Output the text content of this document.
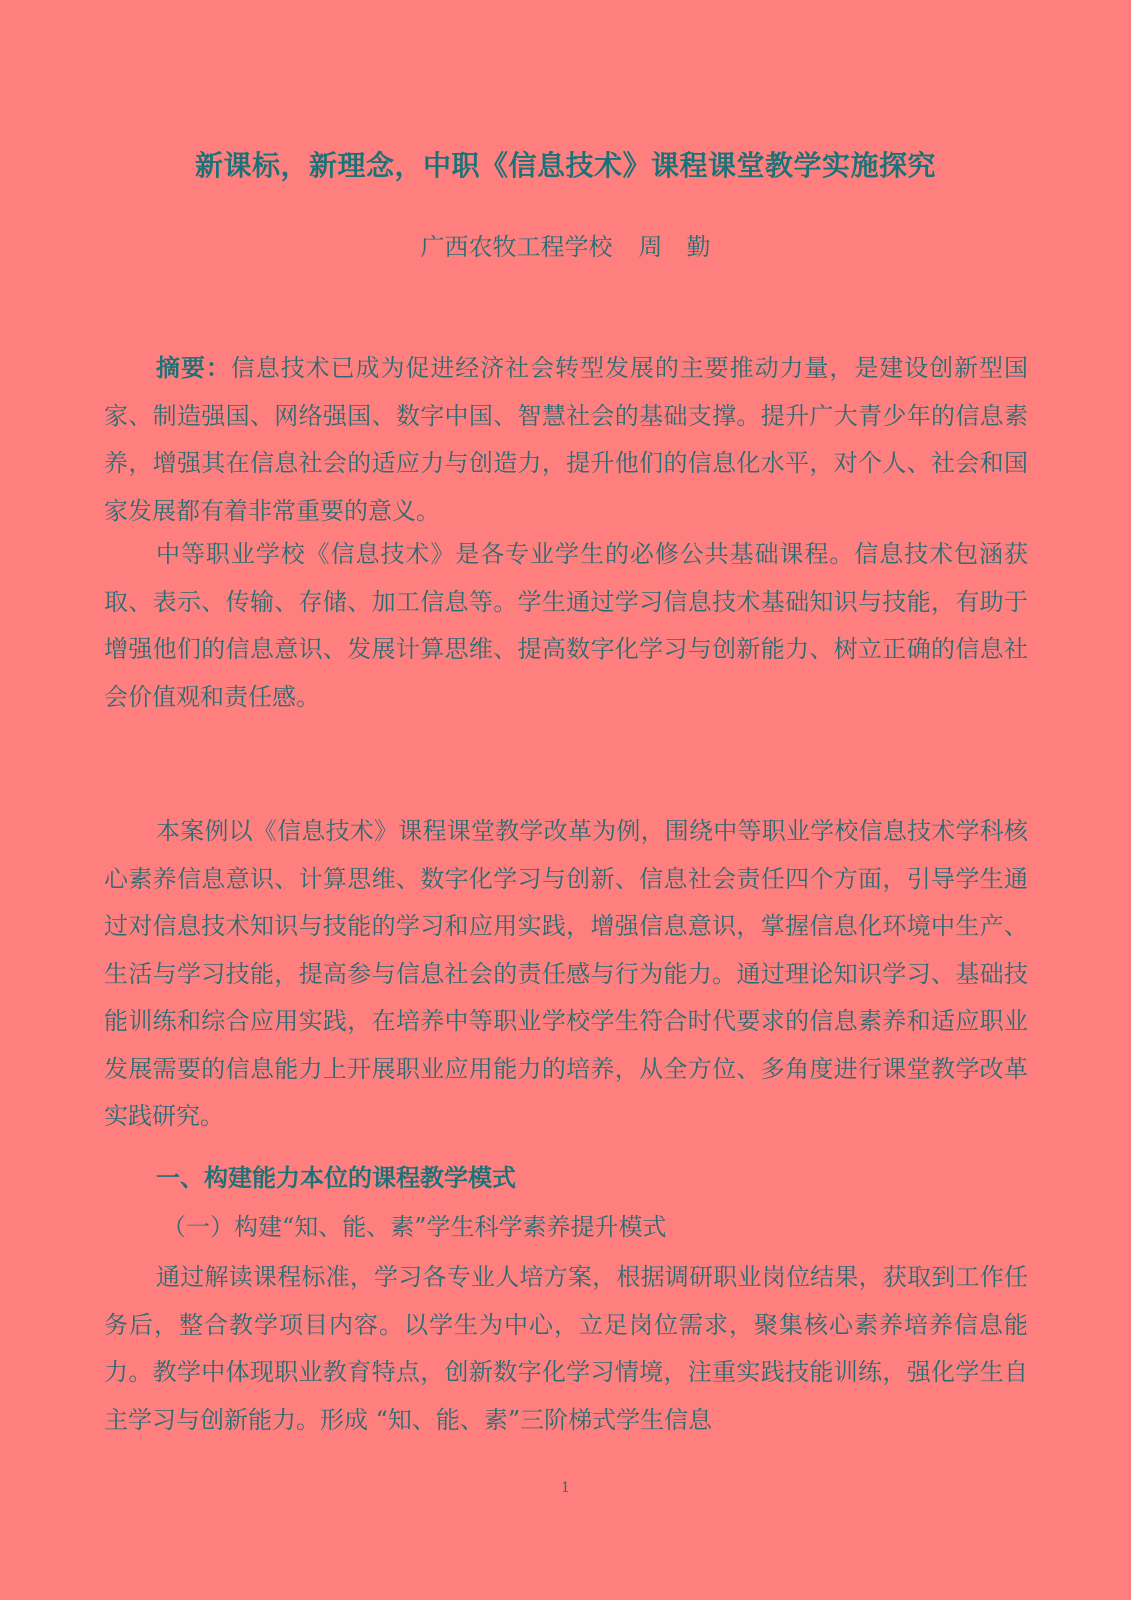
新课标，新理念，中职《信息技术》课程课堂教学实施探究
广西农牧工程学校 周　勤
摘要：信息技术已成为促进经济社会转型发展的主要推动力量，是建设创新型国家、制造强国、网络强国、数字中国、智慧社会的基础支撑。提升广大青少年的信息素养，增强其在信息社会的适应力与创造力，提升他们的信息化水平，对个人、社会和国家发展都有着非常重要的意义。
中等职业学校《信息技术》是各专业学生的必修公共基础课程。信息技术包涵获取、表示、传输、存储、加工信息等。学生通过学习信息技术基础知识与技能，有助于增强他们的信息意识、发展计算思维、提高数字化学习与创新能力、树立正确的信息社会价值观和责任感。
本案例以《信息技术》课程课堂教学改革为例，围绕中等职业学校信息技术学科核心素养信息意识、计算思维、数字化学习与创新、信息社会责任四个方面，引导学生通过对信息技术知识与技能的学习和应用实践，增强信息意识，掌握信息化环境中生产、生活与学习技能，提高参与信息社会的责任感与行为能力。通过理论知识学习、基础技能训练和综合应用实践，在培养中等职业学校学生符合时代要求的信息素养和适应职业发展需要的信息能力上开展职业应用能力的培养，从全方位、多角度进行课堂教学改革实践研究。
一、构建能力本位的课程教学模式
（一）构建“知、能、素”学生科学素养提升模式
通过解读课程标准，学习各专业人培方案，根据调研职业岗位结果，获取到工作任务后，整合教学项目内容。以学生为中心，立足岗位需求，聚集核心素养培养信息能力。教学中体现职业教育特点，创新数字化学习情境，注重实践技能训练，强化学生自主学习与创新能力。形成 “知、能、素”三阶梯式学生信息
1
